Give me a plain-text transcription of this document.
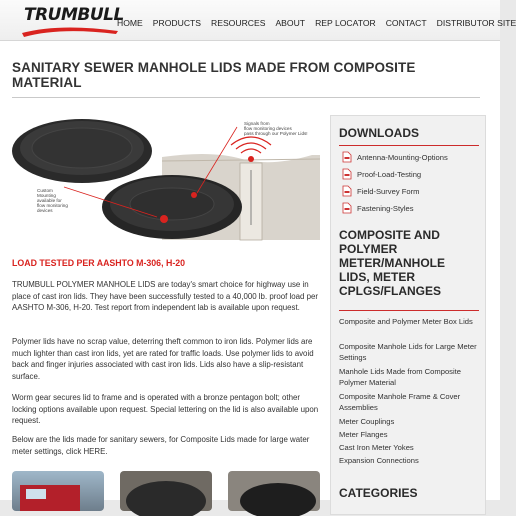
TRUMBULL
HOME PRODUCTS RESOURCES ABOUT REP LOCATOR CONTACT DISTRIBUTOR SITE
SANITARY SEWER MANHOLE LIDS MADE FROM COMPOSITE MATERIAL
Signals from flow monitoring devices pass through our Polymer Lids!
Custom Mounting available for flow monitoring devices
LOAD TESTED PER AASHTO M-306, H-20

TRUMBULL POLYMER MANHOLE LIDS are today's smart choice for highway use in place of cast iron lids. They have been successfully tested to a 40,000 lb. proof load per AASHTO M-306, H-20. Test report from independent lab is available upon request.

Polymer lids have no scrap value, deterring theft common to iron lids. Polymer lids are much lighter than cast iron lids, yet are rated for traffic loads. Use polymer lids to avoid back and finger injuries associated with cast iron lids. Lids also have a slip-resistant surface.

Worm gear secures lid to frame and is operated with a bronze pentagon bolt; other locking options available upon request. Special lettering on the lid is also available upon request.

Below are the lids made for sanitary sewers, for Composite Lids made for large water meter settings, click HERE.

DOWNLOADS
Antenna-Mounting-Options
Proof-Load-Testing
Field-Survey Form
Fastening-Styles
COMPOSITE AND
POLYMER
METER/MANHOLE
LIDS, METER
CPLGS/FLANGES
Composite and Polymer Meter Box Lids
Composite Manhole Lids for Large Meter Settings
Manhole Lids Made from Composite Polymer Material
Composite Manhole Frame & Cover Assemblies
Meter Couplings
Meter Flanges
Cast Iron Meter Yokes
Expansion Connections
CATEGORIES
